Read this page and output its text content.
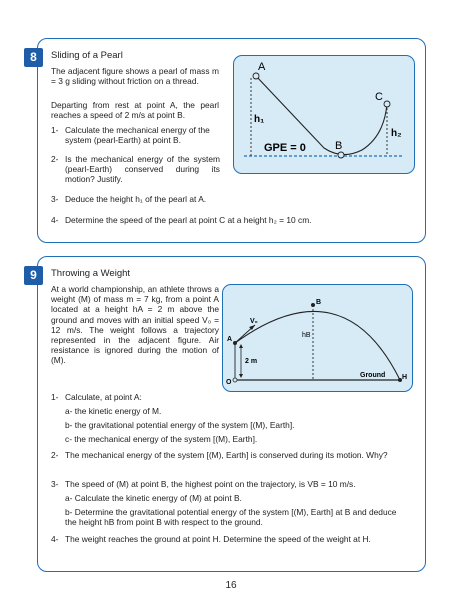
8	Sliding of a Pearl
The adjacent figure shows a pearl of mass m = 3 g sliding without friction on a thread.
Departing from rest at point A, the pearl reaches a speed of 2 m/s at point B.
1- Calculate the mechanical energy of the system (pearl-Earth) at point B.
2- Is the mechanical energy of the system (pearl-Earth) conserved during its motion? Justify.
3- Deduce the height h₁ of the pearl at A.
4- Determine the speed of the pearl at point C at a height h₂ = 10 cm.
A
B
C
h₁
h₂
GPE = 0
9	Throwing a Weight
At a world championship, an athlete throws a weight (M) of mass m = 7 kg, from a point A located at a height hA = 2 m above the ground and moves with an initial speed V₀ = 12 m/s. The weight follows a trajectory represented in the adjacent figure. Air resistance is ignored during the motion of (M).
1- Calculate, at point A:
a- the kinetic energy of M.
b- the gravitational potential energy of the system [(M), Earth].
c- the mechanical energy of the system [(M), Earth].
2- The mechanical energy of the system [(M), Earth] is conserved during its motion. Why?
3- The speed of (M) at point B, the highest point on the trajectory, is VB = 10 m/s.
a- Calculate the kinetic energy of (M) at point B.
b- Determine the gravitational potential energy of the system [(M), Earth] at B and deduce the height hB from point B with respect to the ground.
4- The weight reaches the ground at point H. Determine the speed of the weight at H.
A
B
O
H
V₀
2 m
hB
Ground
16
